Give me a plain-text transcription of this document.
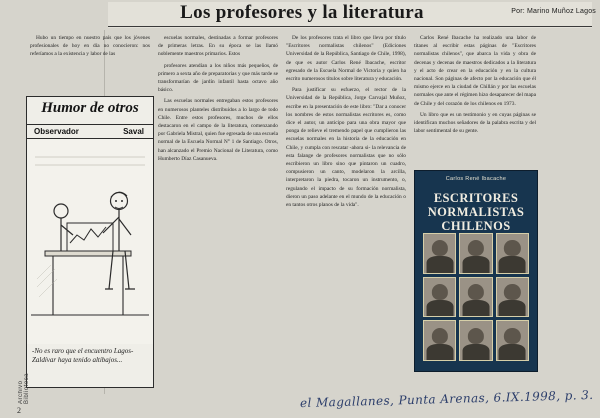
Los profesores y la literatura	Por: Marino Muñoz Lagos

Hubo un tiempo en nuestro país que los jóvenes profesionales de hoy en día no conocieron: nos referíamos a la existencia y labor de las

escuelas normales, destinadas a formar profesores de primeras letras. En su época se las llamó noblemente maestros primarios. Estos

profesores atendían a los niños más pequeños, de primero a sexta año de preparatorias y que más tarde se transformarían de jardín infantil hasta octavo año básico.

Las escuelas normales entregaban estos profesores en numerosos planteles distribuidos a lo largo de todo Chile. Entre estos profesores, muchos de ellos destacaron en el campo de la literatura, comenzando por Gabriela Mistral, quien fue egresada de una escuela normal de la Escuela Normal N° 1 de Santiago. Otros, han alcanzado el Premio Nacional de Literatura, como Humberto Díaz Casanueva.

De los profesores trata el libro que lleva por título "Escritores normalistas chilenos" (Ediciones Universidad de la República, Santiago de Chile, 1998), de que es autor Carlos René Ibacache, escritor egresado de la Escuela Normal de Victoria y quien ha escrito numerosos títulos sobre literatura y educación.

Para justificar su esfuerzo, el rector de la Universidad de la República, Jorge Carvajal Muñoz, escribe en la presentación de este libro: "Dar a conocer los nombres de estos normalistas escritores es, como dice el autor, un anticipo para una obra mayor que ponga de relieve el tremendo papel que cumplieron las escuelas normales en la historia de la educación en Chile, y cumpla con rescatar -ahora si- la relevancia de esta falange de profesores normalistas que no sólo escribieron un libro sino que pintaron un cuadro, compusieron un canto, modelaron la arcilla, interpretaron la piedra, tocaron un instrumento, o, regulando el impacto de su formación normalista, dieron un paso adelante en el mundo de la educación o en tantos otros planos de la vida".

Carlos René Ibacache ha realizado una labor de titanes al escribir estas páginas de "Escritores normalistas chilenos", que abarca la vida y obra de decenas y decenas de maestros dedicados a la literatura y el acto de crear en la educación y en la cultura nacional. Son páginas de afecto por la educación que él mismo ejerce en la ciudad de Chillán y por las escuelas normales que ante el régimen hizo desaparecer del mapa de Chile y del corazón de los chilenos en 1973.

Un libro que es un testimonio y en cuyas páginas se identifican muchos señadores de la palabra escrita y del labor sentimental de su gente.

Humor de otros
Observador	Saval
-No es raro que el encuentro Lagos-Zaldívar haya tenido altibajos...
Carlos René Ibacache
ESCRITORES NORMALISTAS CHILENOS
el Magallanes, Punta Arenas, 6.IX.1998, p. 3.
Archivo Biblioteca
2
